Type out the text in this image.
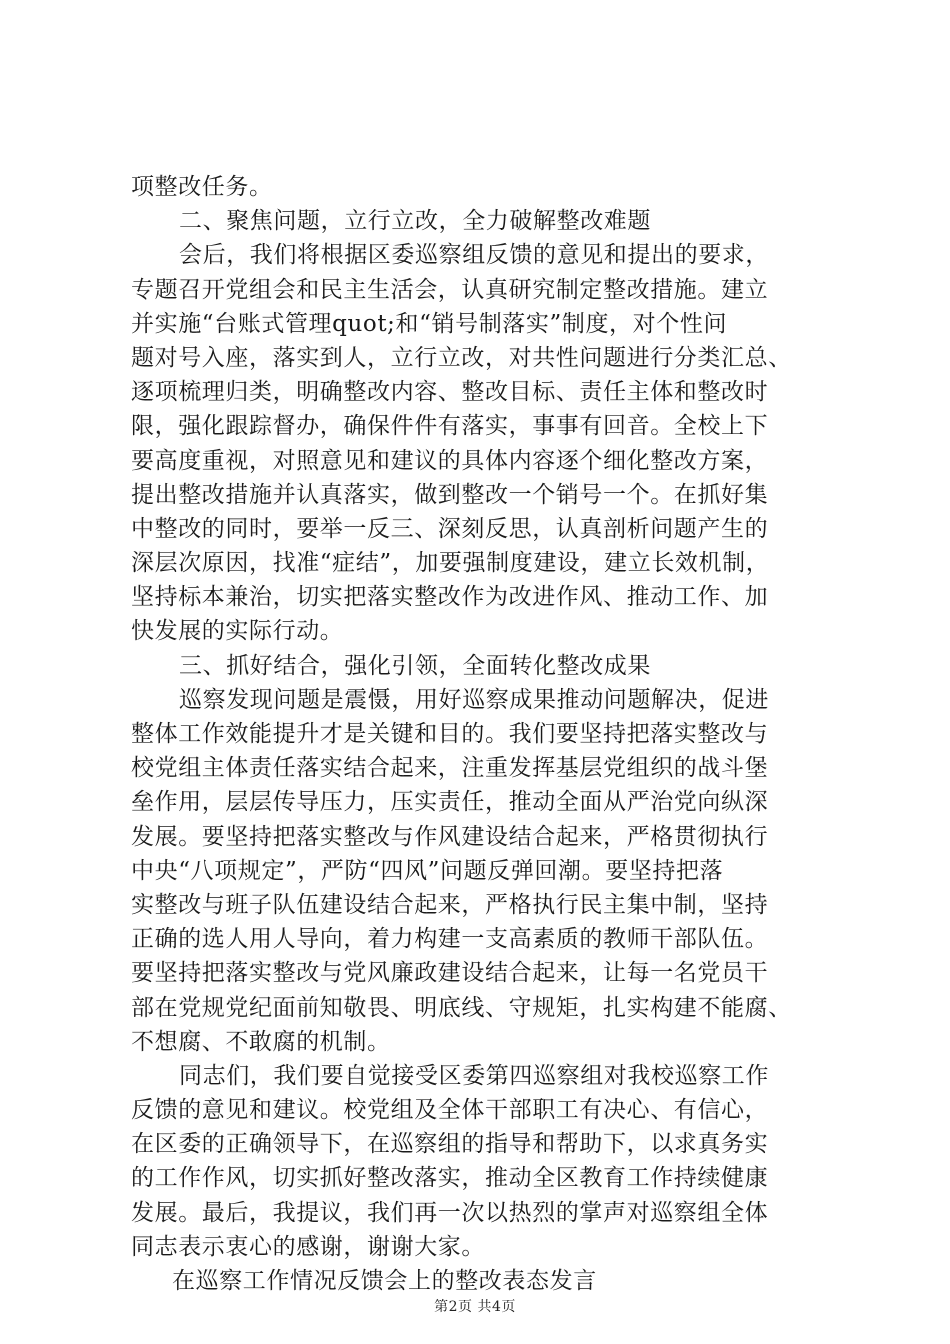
项整改任务。
二、聚焦问题，立行立改，全力破解整改难题
会后，我们将根据区委巡察组反馈的意见和提出的要求，
专题召开党组会和民主生活会，认真研究制定整改措施。建立
并实施“台账式管理quot;和“销号制落实”制度，对个性问
题对号入座，落实到人，立行立改，对共性问题进行分类汇总、
逐项梳理归类，明确整改内容、整改目标、责任主体和整改时
限，强化跟踪督办，确保件件有落实，事事有回音。全校上下
要高度重视，对照意见和建议的具体内容逐个细化整改方案，
提出整改措施并认真落实，做到整改一个销号一个。在抓好集
中整改的同时，要举一反三、深刻反思，认真剖析问题产生的
深层次原因，找准“症结”，加要强制度建设，建立长效机制，
坚持标本兼治，切实把落实整改作为改进作风、推动工作、加
快发展的实际行动。
三、抓好结合，强化引领，全面转化整改成果
巡察发现问题是震慑，用好巡察成果推动问题解决，促进
整体工作效能提升才是关键和目的。我们要坚持把落实整改与
校党组主体责任落实结合起来，注重发挥基层党组织的战斗堡
垒作用，层层传导压力，压实责任，推动全面从严治党向纵深
发展。要坚持把落实整改与作风建设结合起来，严格贯彻执行
中央“八项规定”，严防“四风”问题反弹回潮。要坚持把落
实整改与班子队伍建设结合起来，严格执行民主集中制，坚持
正确的选人用人导向，着力构建一支高素质的教师干部队伍。
要坚持把落实整改与党风廉政建设结合起来，让每一名党员干
部在党规党纪面前知敬畏、明底线、守规矩，扎实构建不能腐、
不想腐、不敢腐的机制。
同志们，我们要自觉接受区委第四巡察组对我校巡察工作
反馈的意见和建议。校党组及全体干部职工有决心、有信心，
在区委的正确领导下，在巡察组的指导和帮助下，以求真务实
的工作作风，切实抓好整改落实，推动全区教育工作持续健康
发展。最后，我提议，我们再一次以热烈的掌声对巡察组全体
同志表示衷心的感谢，谢谢大家。
在巡察工作情况反馈会上的整改表态发言
第2页 共4页
